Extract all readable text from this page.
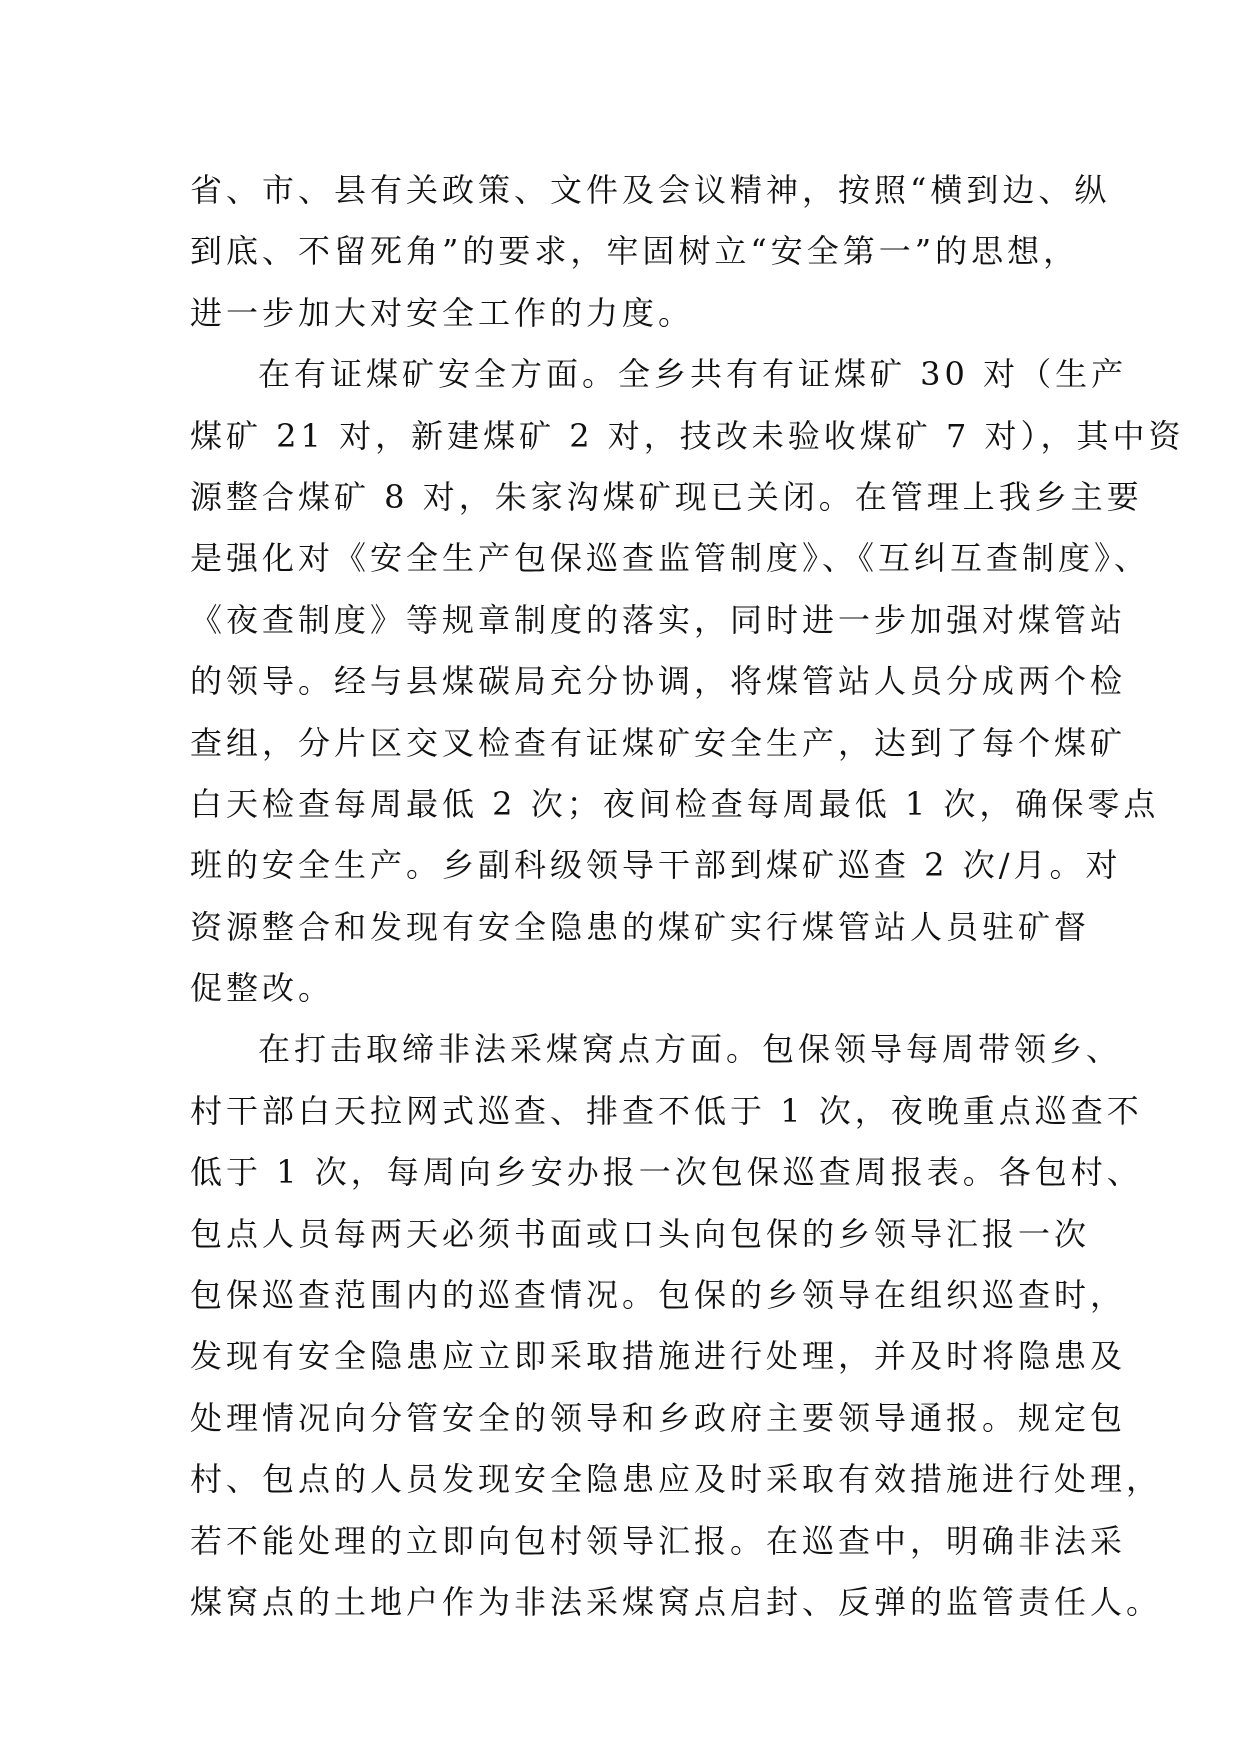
省、市、县有关政策、文件及会议精神，按照“横到边、纵
到底、不留死角”的要求，牢固树立“安全第一”的思想，
进一步加大对安全工作的力度。
在有证煤矿安全方面。全乡共有有证煤矿 30 对（生产
煤矿 21 对，新建煤矿 2 对，技改未验收煤矿 7 对），其中资
源整合煤矿 8 对，朱家沟煤矿现已关闭。在管理上我乡主要
是强化对《安全生产包保巡查监管制度》、《互纠互查制度》、
《夜查制度》等规章制度的落实，同时进一步加强对煤管站
的领导。经与县煤碳局充分协调，将煤管站人员分成两个检
查组，分片区交叉检查有证煤矿安全生产，达到了每个煤矿
白天检查每周最低 2 次；夜间检查每周最低 1 次，确保零点
班的安全生产。乡副科级领导干部到煤矿巡查 2 次/月。对
资源整合和发现有安全隐患的煤矿实行煤管站人员驻矿督
促整改。
在打击取缔非法采煤窝点方面。包保领导每周带领乡、
村干部白天拉网式巡查、排查不低于 1 次，夜晚重点巡查不
低于 1 次，每周向乡安办报一次包保巡查周报表。各包村、
包点人员每两天必须书面或口头向包保的乡领导汇报一次
包保巡查范围内的巡查情况。包保的乡领导在组织巡查时，
发现有安全隐患应立即采取措施进行处理，并及时将隐患及
处理情况向分管安全的领导和乡政府主要领导通报。规定包
村、包点的人员发现安全隐患应及时采取有效措施进行处理，
若不能处理的立即向包村领导汇报。在巡查中，明确非法采
煤窝点的土地户作为非法采煤窝点启封、反弹的监管责任人。
